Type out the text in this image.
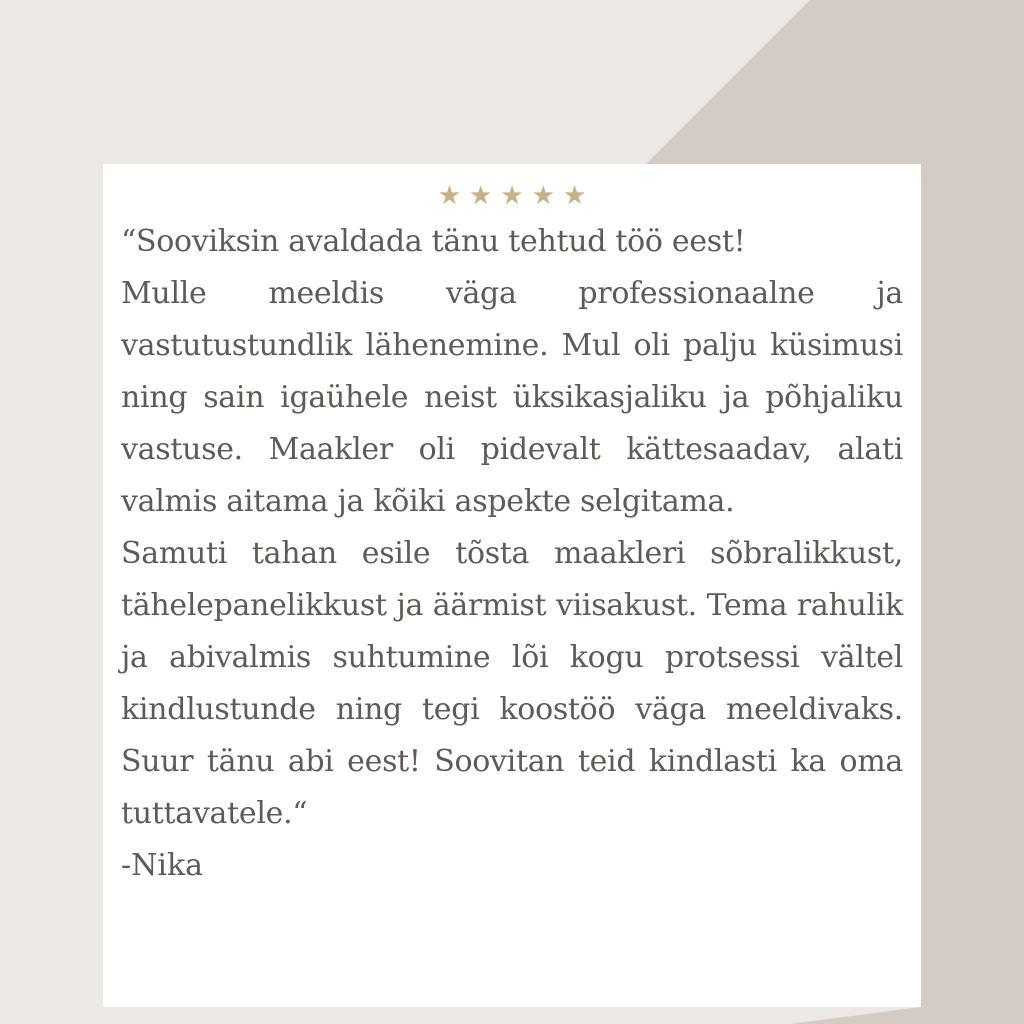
★ ★ ★ ★ ★

“Sooviksin avaldada tänu tehtud töö eest!

Mulle meeldis väga professionaalne ja vastutustundlik lähenemine. Mul oli palju küsimusi ning sain igaühele neist üksikasjaliku ja põhjaliku vastuse. Maakler oli pidevalt kättesaadav, alati valmis aitama ja kõiki aspekte selgitama.

Samuti tahan esile tõsta maakleri sõbralikkust, tähelepanelikkust ja äärmist viisakust. Tema rahulik ja abivalmis suhtumine lõi kogu protsessi vältel kindlustunde ning tegi koostöö väga meeldivaks. Suur tänu abi eest! Soovitan teid kindlasti ka oma tuttavatele.“

-Nika
